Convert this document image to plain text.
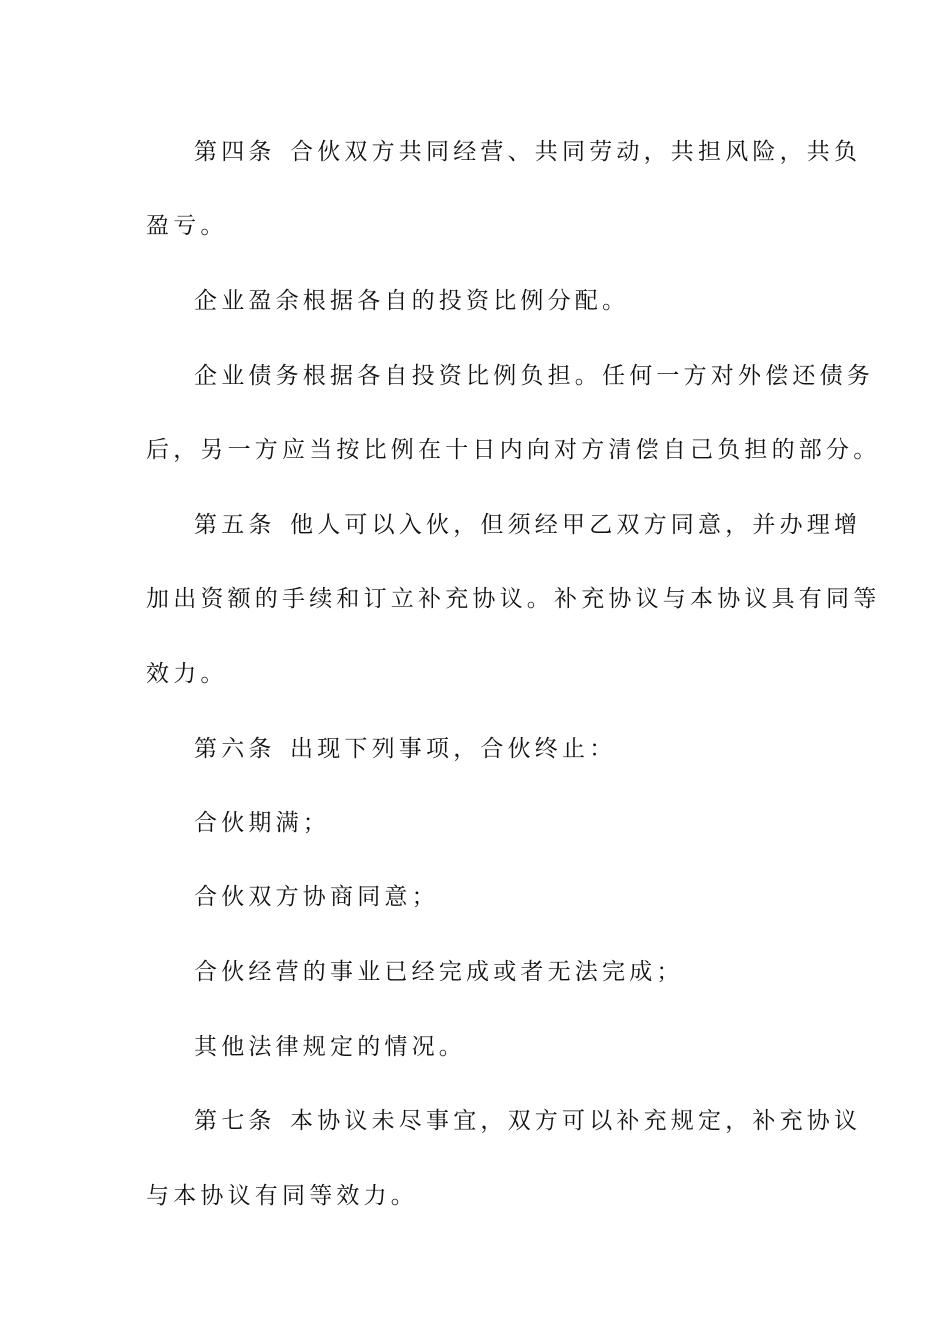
第四条 合伙双方共同经营、共同劳动，共担风险，共负
盈亏。
企业盈余根据各自的投资比例分配。
企业债务根据各自投资比例负担。任何一方对外偿还债务
后，另一方应当按比例在十日内向对方清偿自己负担的部分。
第五条 他人可以入伙，但须经甲乙双方同意，并办理增
加出资额的手续和订立补充协议。补充协议与本协议具有同等
效力。
第六条 出现下列事项，合伙终止：
合伙期满；
合伙双方协商同意；
合伙经营的事业已经完成或者无法完成；
其他法律规定的情况。
第七条 本协议未尽事宜，双方可以补充规定，补充协议
与本协议有同等效力。
